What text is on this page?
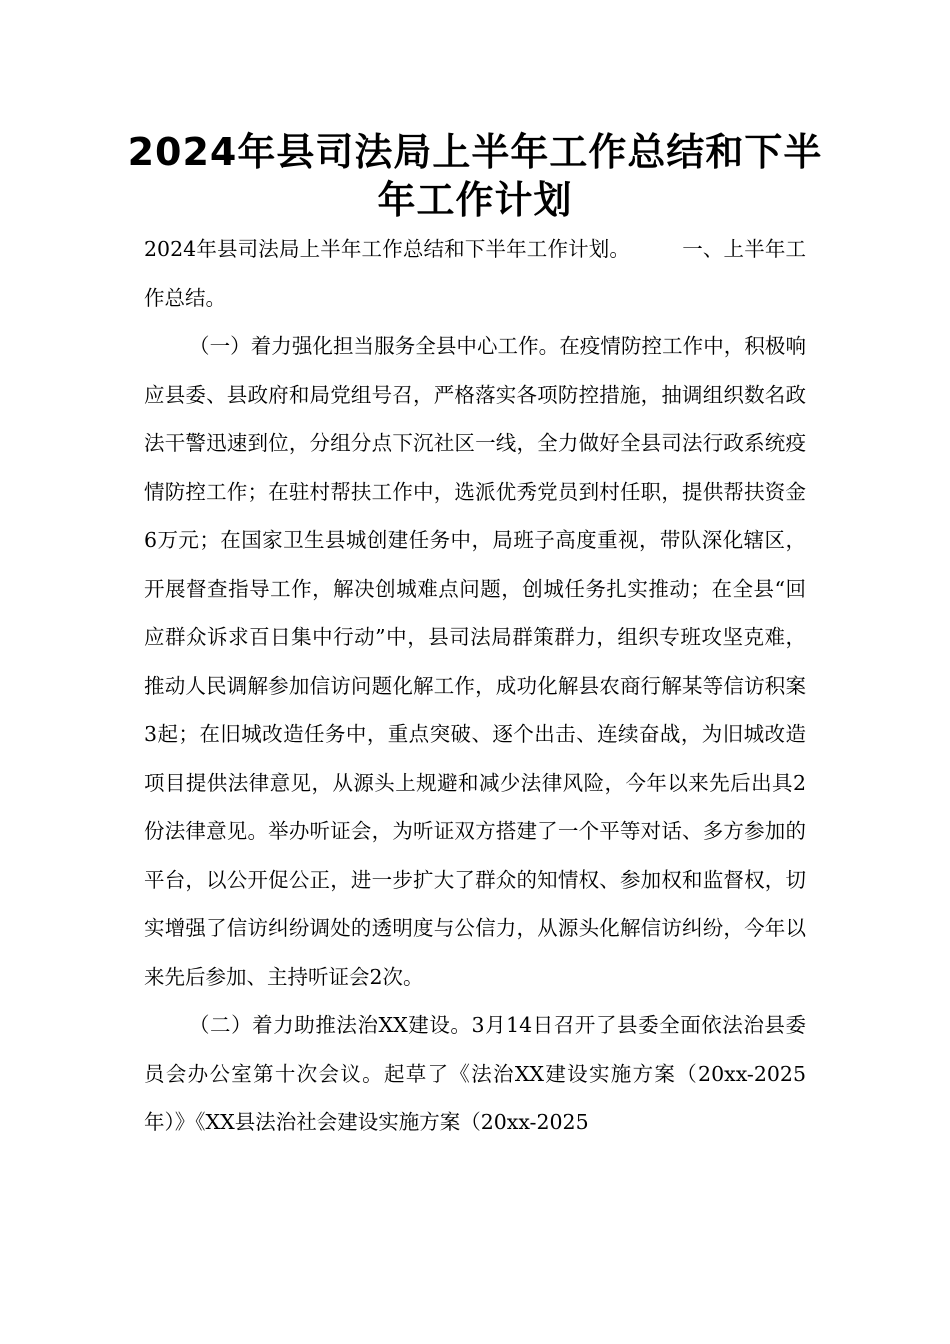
2024年县司法局上半年工作总结和下半年工作计划

2024年县司法局上半年工作总结和下半年工作计划。	一、上半年工作总结。

（一）着力强化担当服务全县中心工作。在疫情防控工作中，积极响应县委、县政府和局党组号召，严格落实各项防控措施，抽调组织数名政法干警迅速到位，分组分点下沉社区一线，全力做好全县司法行政系统疫情防控工作；在驻村帮扶工作中，选派优秀党员到村任职，提供帮扶资金6万元；在国家卫生县城创建任务中，局班子高度重视，带队深化辖区，开展督查指导工作，解决创城难点问题，创城任务扎实推动；在全县“回应群众诉求百日集中行动”中，县司法局群策群力，组织专班攻坚克难，推动人民调解参加信访问题化解工作，成功化解县农商行解某等信访积案3起；在旧城改造任务中，重点突破、逐个出击、连续奋战，为旧城改造项目提供法律意见，从源头上规避和减少法律风险，今年以来先后出具2份法律意见。举办听证会，为听证双方搭建了一个平等对话、多方参加的平台，以公开促公正，进一步扩大了群众的知情权、参加权和监督权，切实增强了信访纠纷调处的透明度与公信力，从源头化解信访纠纷，今年以来先后参加、主持听证会2次。

（二）着力助推法治XX建设。3月14日召开了县委全面依法治县委员会办公室第十次会议。起草了《法治XX建设实施方案（20xx-2025年）》《XX县法治社会建设实施方案（20xx-2025
